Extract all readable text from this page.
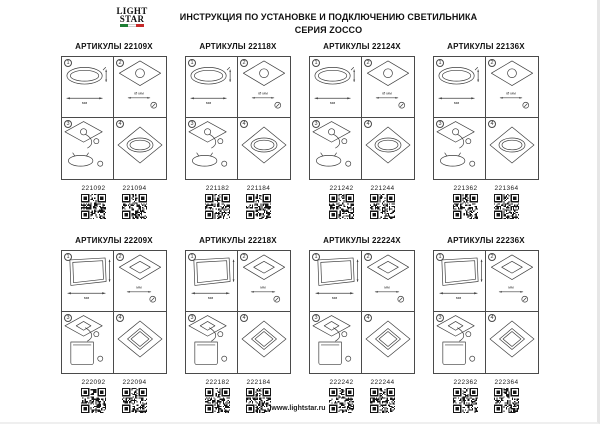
LIGHT
STAR	ИНСТРУКЦИЯ ПО УСТАНОВКЕ И ПОДКЛЮЧЕНИЮ СВЕТИЛЬНИКА
СЕРИЯ ZOCCO
АРТИКУЛЫ 22109X
1
мм
2
Ø мм
3	4
221092	221094
АРТИКУЛЫ 22118X
1
мм
2
Ø мм
3	4
221182	221184
АРТИКУЛЫ 22124X
1
мм
2
Ø мм
3	4
221242	221244
АРТИКУЛЫ 22136X
1
мм
2
Ø мм
3	4
221362	221364
АРТИКУЛЫ 22209X
1
мм
2
мм
3	4
222092	222094
АРТИКУЛЫ 22218X
1
мм
2
мм
3	4
222182	222184
АРТИКУЛЫ 22224X
1
мм
2
мм
3	4
222242	222244
АРТИКУЛЫ 22236X
1
мм
2
мм
3	4
222362	222364
www.lightstar.ru
